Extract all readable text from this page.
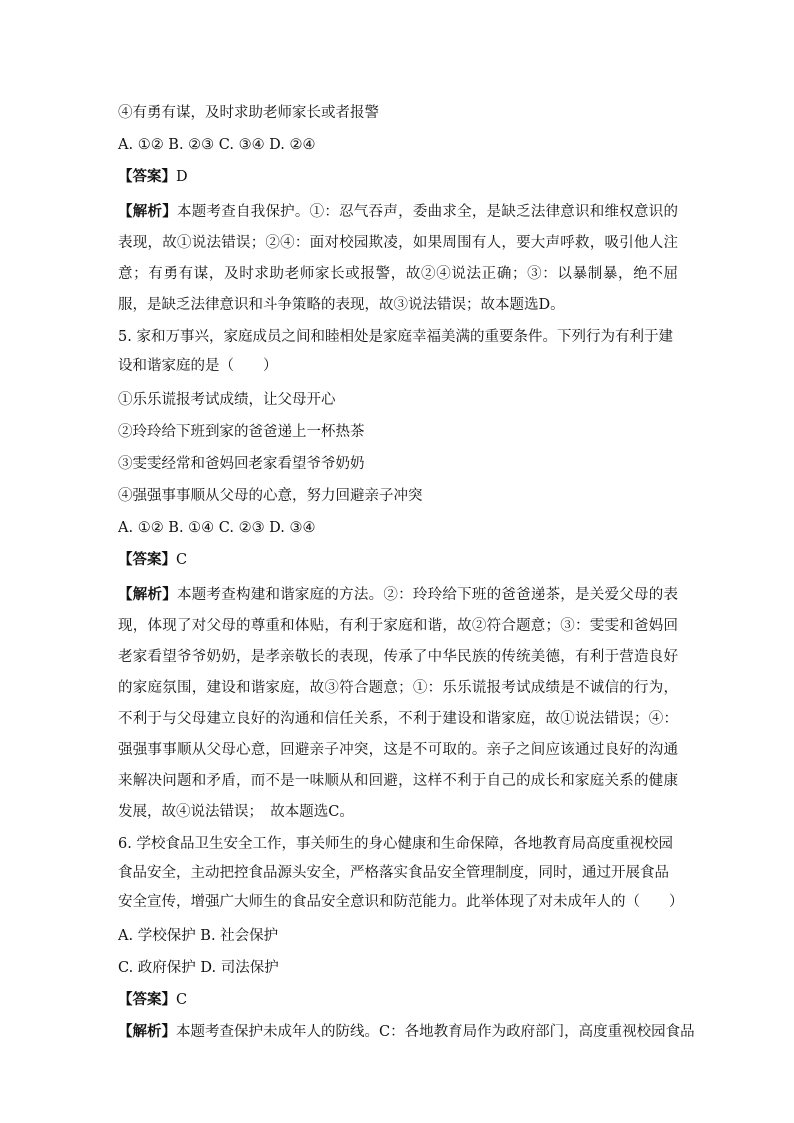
④有勇有谋，及时求助老师家长或者报警
A. ①② B. ②③ C. ③④ D. ②④
【答案】D
【解析】本题考查自我保护。①：忍气吞声，委曲求全，是缺乏法律意识和维权意识的表现，故①说法错误；②④：面对校园欺凌，如果周围有人，要大声呼救，吸引他人注意；有勇有谋，及时求助老师家长或报警，故②④说法正确；③：以暴制暴，绝不屈服，是缺乏法律意识和斗争策略的表现，故③说法错误；故本题选D。
5. 家和万事兴，家庭成员之间和睦相处是家庭幸福美满的重要条件。下列行为有利于建设和谐家庭的是（　　）
①乐乐谎报考试成绩，让父母开心
②玲玲给下班到家的爸爸递上一杯热茶
③雯雯经常和爸妈回老家看望爷爷奶奶
④强强事事顺从父母的心意，努力回避亲子冲突
A. ①② B. ①④ C. ②③ D. ③④
【答案】C
【解析】本题考查构建和谐家庭的方法。②：玲玲给下班的爸爸递茶，是关爱父母的表现，体现了对父母的尊重和体贴，有利于家庭和谐，故②符合题意；③：雯雯和爸妈回老家看望爷爷奶奶，是孝亲敬长的表现，传承了中华民族的传统美德，有利于营造良好的家庭氛围，建设和谐家庭，故③符合题意；①：乐乐谎报考试成绩是不诚信的行为，不利于与父母建立良好的沟通和信任关系，不利于建设和谐家庭，故①说法错误；④：强强事事顺从父母心意，回避亲子冲突，这是不可取的。亲子之间应该通过良好的沟通来解决问题和矛盾，而不是一味顺从和回避，这样不利于自己的成长和家庭关系的健康发展，故④说法错误；　故本题选C。
6. 学校食品卫生安全工作，事关师生的身心健康和生命保障，各地教育局高度重视校园食品安全，主动把控食品源头安全，严格落实食品安全管理制度，同时，通过开展食品安全宣传，增强广大师生的食品安全意识和防范能力。此举体现了对未成年人的（　　）
A. 学校保护 B. 社会保护
C. 政府保护 D. 司法保护
【答案】C
【解析】本题考查保护未成年人的防线。C：各地教育局作为政府部门，高度重视校园食品
